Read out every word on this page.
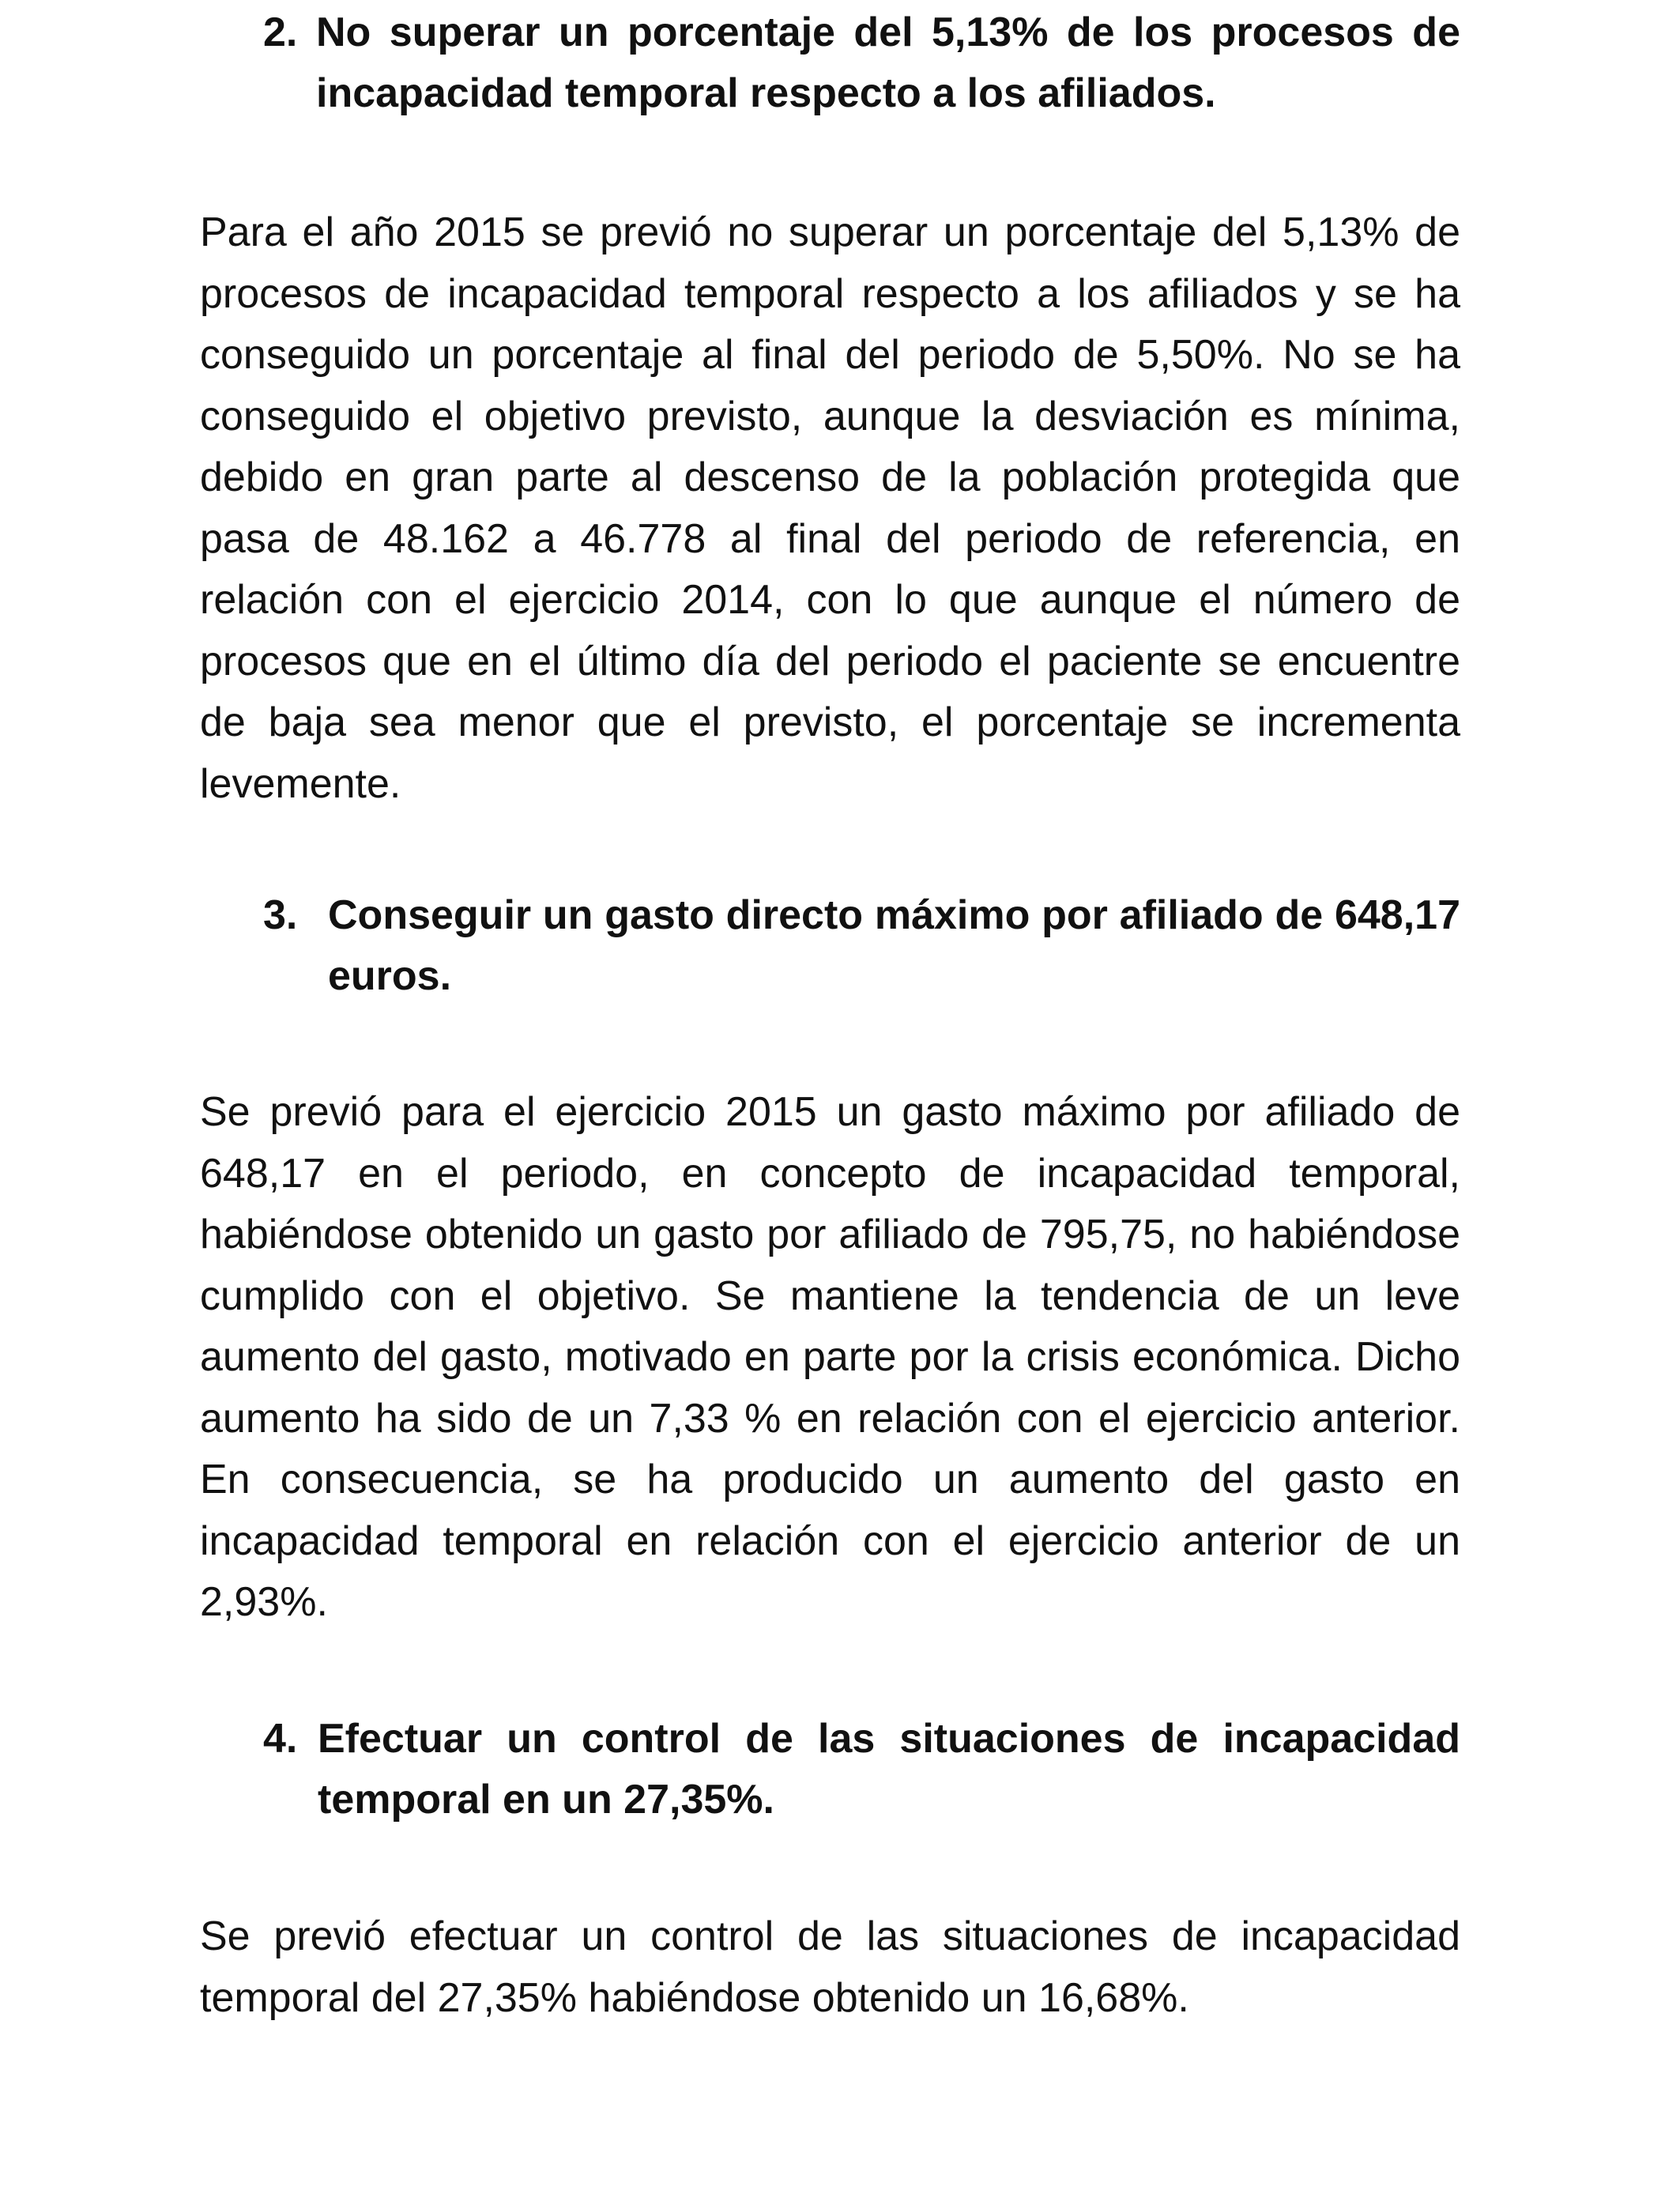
2. No superar un porcentaje del 5,13% de los procesos de incapacidad temporal respecto a los afiliados.
Para el año 2015 se previó no superar un porcentaje del 5,13% de procesos de incapacidad temporal respecto a los afiliados y se ha conseguido un porcentaje al final del periodo de 5,50%. No se ha conseguido el objetivo previsto, aunque la desviación es mínima, debido en gran parte al descenso de la población protegida que pasa de 48.162 a 46.778 al final del periodo de referencia, en relación con el ejercicio 2014, con lo que aunque el número de procesos que en el último día del periodo el paciente se encuentre de baja sea menor que el previsto, el porcentaje se incrementa levemente.
3. Conseguir un gasto directo máximo por afiliado de 648,17 euros.
Se previó para el ejercicio 2015 un gasto máximo por afiliado de 648,17 en el periodo, en concepto de incapacidad temporal, habiéndose obtenido un gasto por afiliado de 795,75, no habiéndose cumplido con el objetivo. Se mantiene la tendencia de un leve aumento del gasto, motivado en parte por la crisis económica. Dicho aumento ha sido de un 7,33 % en relación con el ejercicio anterior. En consecuencia, se ha producido un aumento del gasto en incapacidad temporal en relación con el ejercicio anterior de un 2,93%.
4. Efectuar un control de las situaciones de incapacidad temporal en un 27,35%.
Se previó efectuar un control de las situaciones de incapacidad temporal del 27,35% habiéndose obtenido un 16,68%.
